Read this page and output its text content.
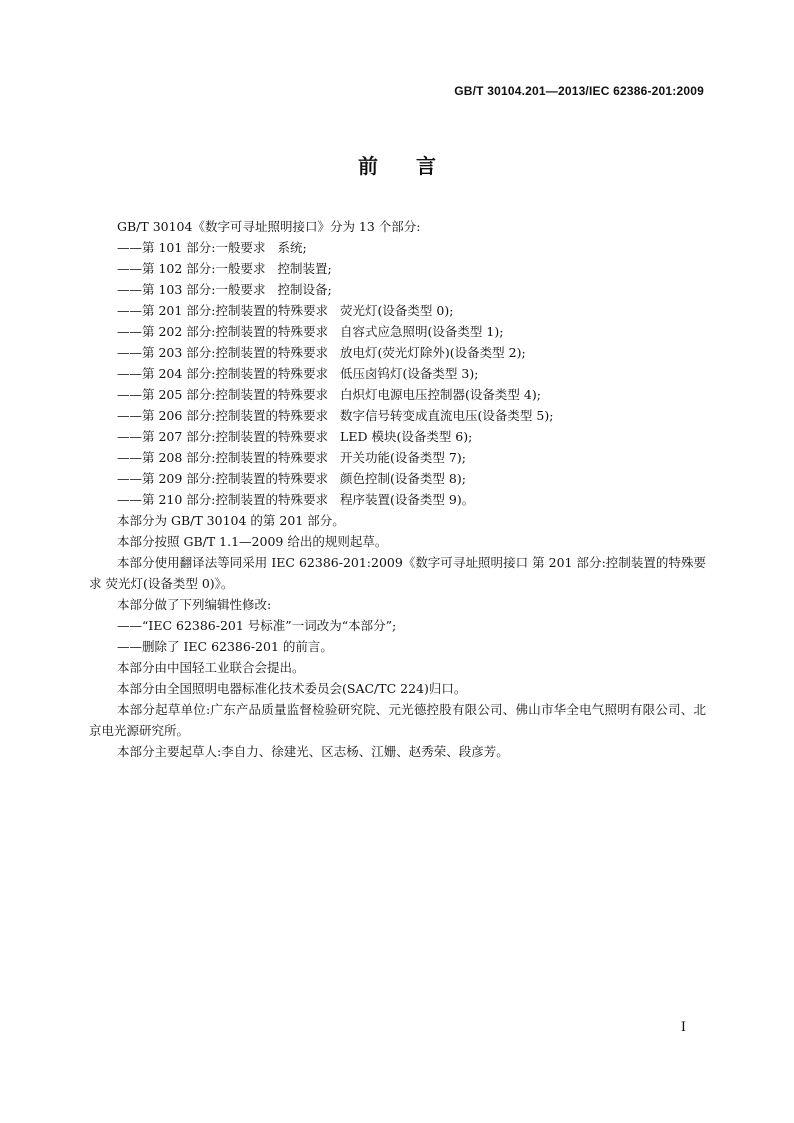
GB/T 30104.201—2013/IEC 62386-201:2009
前言

GB/T 30104《数字可寻址照明接口》分为 13 个部分:

——第 101 部分:一般要求 系统;

——第 102 部分:一般要求 控制装置;

——第 103 部分:一般要求 控制设备;

——第 201 部分:控制装置的特殊要求 荧光灯(设备类型 0);

——第 202 部分:控制装置的特殊要求 自容式应急照明(设备类型 1);

——第 203 部分:控制装置的特殊要求 放电灯(荧光灯除外)(设备类型 2);

——第 204 部分:控制装置的特殊要求 低压卤钨灯(设备类型 3);

——第 205 部分:控制装置的特殊要求 白炽灯电源电压控制器(设备类型 4);

——第 206 部分:控制装置的特殊要求 数字信号转变成直流电压(设备类型 5);

——第 207 部分:控制装置的特殊要求 LED 模块(设备类型 6);

——第 208 部分:控制装置的特殊要求 开关功能(设备类型 7);

——第 209 部分:控制装置的特殊要求 颜色控制(设备类型 8);

——第 210 部分:控制装置的特殊要求 程序装置(设备类型 9)。

本部分为 GB/T 30104 的第 201 部分。

本部分按照 GB/T 1.1—2009 给出的规则起草。

本部分使用翻译法等同采用 IEC 62386-201:2009《数字可寻址照明接口 第 201 部分:控制装置的特殊要求 荧光灯(设备类型 0)》。

本部分做了下列编辑性修改:

——“IEC 62386-201 号标准”一词改为“本部分”;

——删除了 IEC 62386-201 的前言。

本部分由中国轻工业联合会提出。

本部分由全国照明电器标准化技术委员会(SAC/TC 224)归口。

本部分起草单位:广东产品质量监督检验研究院、元光德控股有限公司、佛山市华全电气照明有限公司、北京电光源研究所。

本部分主要起草人:李自力、徐建光、区志杨、江姗、赵秀荣、段彦芳。

I
